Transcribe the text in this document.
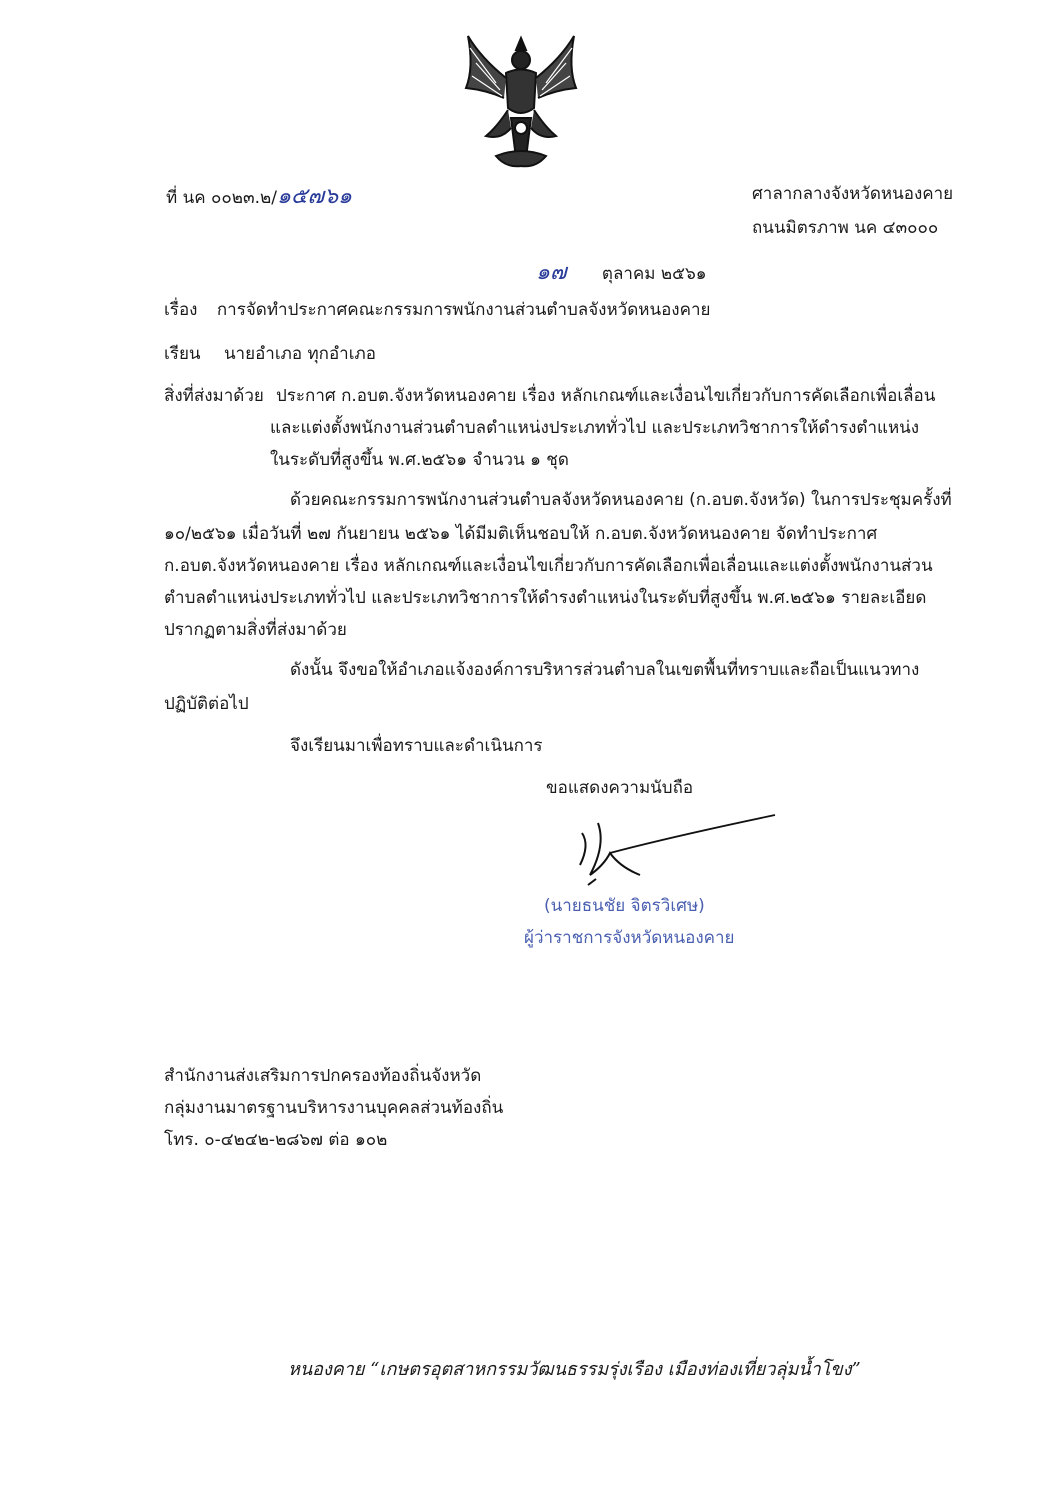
ที่ นค ๐๐๒๓.๒/๑๕๗๖๑	ศาลากลางจังหวัดหนองคาย
ถนนมิตรภาพ นค ๔๓๐๐๐
๑๗ ตุลาคม ๒๕๖๑
เรื่อง การจัดทำประกาศคณะกรรมการพนักงานส่วนตำบลจังหวัดหนองคาย
เรียน นายอำเภอ ทุกอำเภอ
สิ่งที่ส่งมาด้วย ประกาศ ก.อบต.จังหวัดหนองคาย เรื่อง หลักเกณฑ์และเงื่อนไขเกี่ยวกับการคัดเลือกเพื่อเลื่อน
และแต่งตั้งพนักงานส่วนตำบลตำแหน่งประเภททั่วไป และประเภทวิชาการให้ดำรงตำแหน่ง
ในระดับที่สูงขึ้น พ.ศ.๒๕๖๑ จำนวน ๑ ชุด
ด้วยคณะกรรมการพนักงานส่วนตำบลจังหวัดหนองคาย (ก.อบต.จังหวัด) ในการประชุมครั้งที่
๑๐/๒๕๖๑ เมื่อวันที่ ๒๗ กันยายน ๒๕๖๑ ได้มีมติเห็นชอบให้ ก.อบต.จังหวัดหนองคาย จัดทำประกาศ
ก.อบต.จังหวัดหนองคาย เรื่อง หลักเกณฑ์และเงื่อนไขเกี่ยวกับการคัดเลือกเพื่อเลื่อนและแต่งตั้งพนักงานส่วน
ตำบลตำแหน่งประเภททั่วไป และประเภทวิชาการให้ดำรงตำแหน่งในระดับที่สูงขึ้น พ.ศ.๒๕๖๑ รายละเอียด
ปรากฏตามสิ่งที่ส่งมาด้วย
ดังนั้น จึงขอให้อำเภอแจ้งองค์การบริหารส่วนตำบลในเขตพื้นที่ทราบและถือเป็นแนวทาง
ปฏิบัติต่อไป
จึงเรียนมาเพื่อทราบและดำเนินการ
ขอแสดงความนับถือ
(นายธนชัย จิตรวิเศษ)
ผู้ว่าราชการจังหวัดหนองคาย
สำนักงานส่งเสริมการปกครองท้องถิ่นจังหวัด
กลุ่มงานมาตรฐานบริหารงานบุคคลส่วนท้องถิ่น
โทร. ๐-๔๒๔๒-๒๘๖๗ ต่อ ๑๐๒
หนองคาย “เกษตรอุตสาหกรรมวัฒนธรรมรุ่งเรือง เมืองท่องเที่ยวลุ่มน้ำโขง”
